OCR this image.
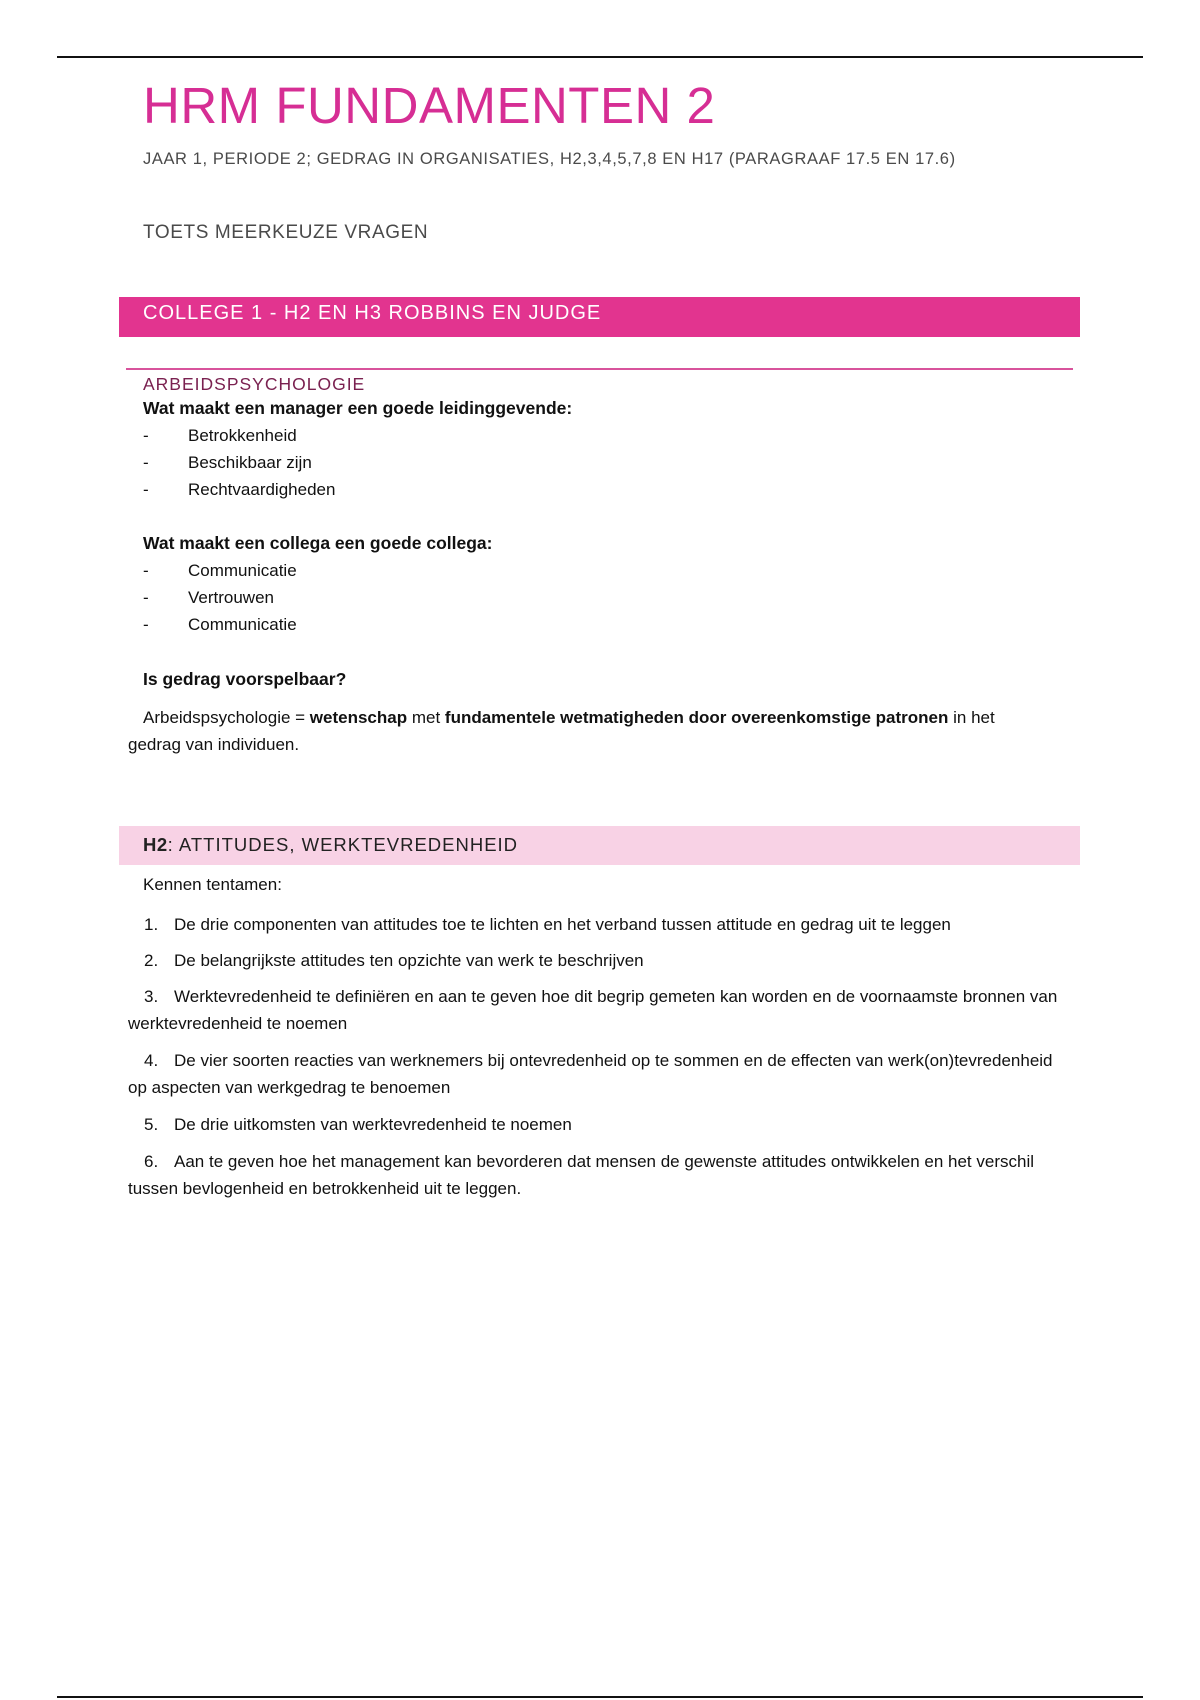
HRM FUNDAMENTEN 2
JAAR 1, PERIODE 2; GEDRAG IN ORGANISATIES, H2,3,4,5,7,8 EN H17 (PARAGRAAF 17.5 EN 17.6)
TOETS MEERKEUZE VRAGEN
COLLEGE 1 - H2 EN H3 ROBBINS EN JUDGE
ARBEIDSPSYCHOLOGIE

Wat maakt een manager een goede leidinggevende:

-	Betrokkenheid
-	Beschikbaar zijn
-	Rechtvaardigheden

Wat maakt een collega een goede collega:

-	Communicatie
-	Vertrouwen
-	Communicatie

Is gedrag voorspelbaar?

Arbeidspsychologie = wetenschap met fundamentele wetmatigheden door overeenkomstige patronen in het gedrag van individuen.
H2: ATTITUDES, WERKTEVREDENHEID
Kennen tentamen:
1. De drie componenten van attitudes toe te lichten en het verband tussen attitude en gedrag uit te leggen
2. De belangrijkste attitudes ten opzichte van werk te beschrijven
3. Werktevredenheid te definiëren en aan te geven hoe dit begrip gemeten kan worden en de voornaamste bronnen van werktevredenheid te noemen
4. De vier soorten reacties van werknemers bij ontevredenheid op te sommen en de effecten van werk(on)tevredenheid op aspecten van werkgedrag te benoemen
5. De drie uitkomsten van werktevredenheid te noemen
6. Aan te geven hoe het management kan bevorderen dat mensen de gewenste attitudes ontwikkelen en het verschil tussen bevlogenheid en betrokkenheid uit te leggen.
